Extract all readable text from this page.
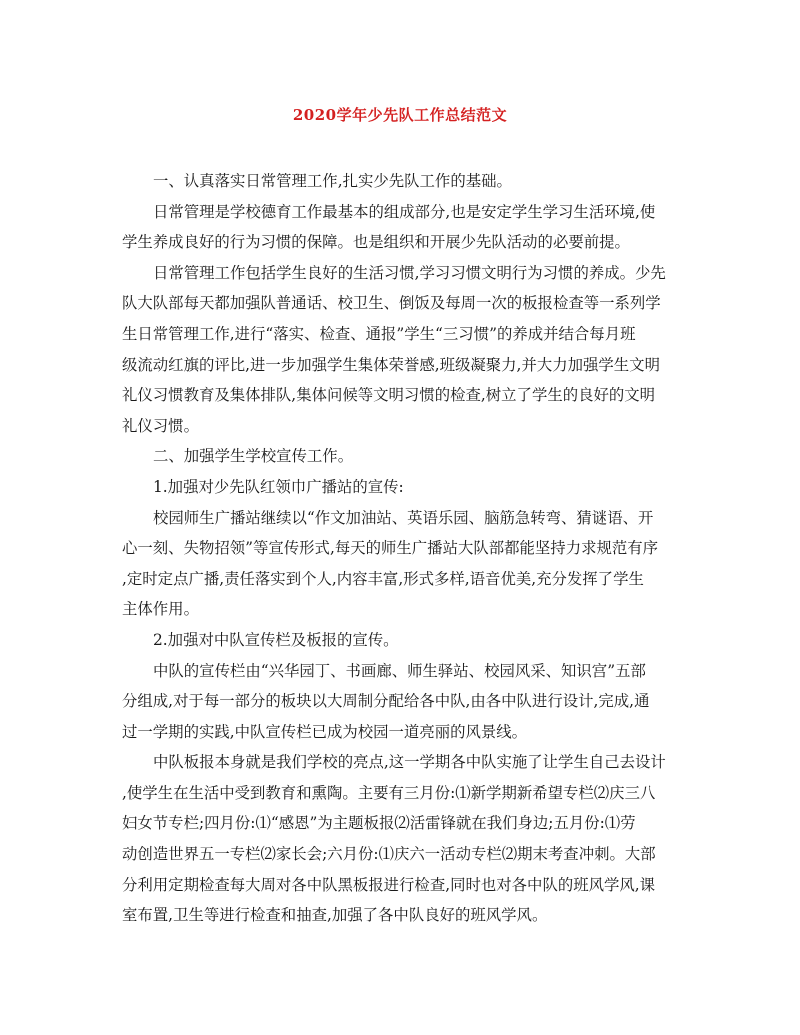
2020学年少先队工作总结范文

一、认真落实日常管理工作,扎实少先队工作的基础。

日常管理是学校德育工作最基本的组成部分,也是安定学生学习生活环境,使

学生养成良好的行为习惯的保障。也是组织和开展少先队活动的必要前提。

日常管理工作包括学生良好的生活习惯,学习习惯文明行为习惯的养成。少先

队大队部每天都加强队普通话、校卫生、倒饭及每周一次的板报检查等一系列学

生日常管理工作,进行“落实、检查、通报”学生“三习惯”的养成并结合每月班

级流动红旗的评比,进一步加强学生集体荣誉感,班级凝聚力,并大力加强学生文明

礼仪习惯教育及集体排队,集体问候等文明习惯的检查,树立了学生的良好的文明

礼仪习惯。

二、加强学生学校宣传工作。

1.加强对少先队红领巾广播站的宣传:

校园师生广播站继续以“作文加油站、英语乐园、脑筋急转弯、猜谜语、开

心一刻、失物招领”等宣传形式,每天的师生广播站大队部都能坚持力求规范有序

,定时定点广播,责任落实到个人,内容丰富,形式多样,语音优美,充分发挥了学生

主体作用。

2.加强对中队宣传栏及板报的宣传。

中队的宣传栏由“兴华园丁、书画廊、师生驿站、校园风采、知识宫”五部

分组成,对于每一部分的板块以大周制分配给各中队,由各中队进行设计,完成,通

过一学期的实践,中队宣传栏已成为校园一道亮丽的风景线。

中队板报本身就是我们学校的亮点,这一学期各中队实施了让学生自己去设计

,使学生在生活中受到教育和熏陶。主要有三月份:⑴新学期新希望专栏⑵庆三八

妇女节专栏;四月份:⑴“感恩”为主题板报⑵活雷锋就在我们身边;五月份:⑴劳

动创造世界五一专栏⑵家长会;六月份:⑴庆六一活动专栏⑵期末考查冲刺。大部

分利用定期检查每大周对各中队黑板报进行检查,同时也对各中队的班风学风,课

室布置,卫生等进行检查和抽查,加强了各中队良好的班风学风。
